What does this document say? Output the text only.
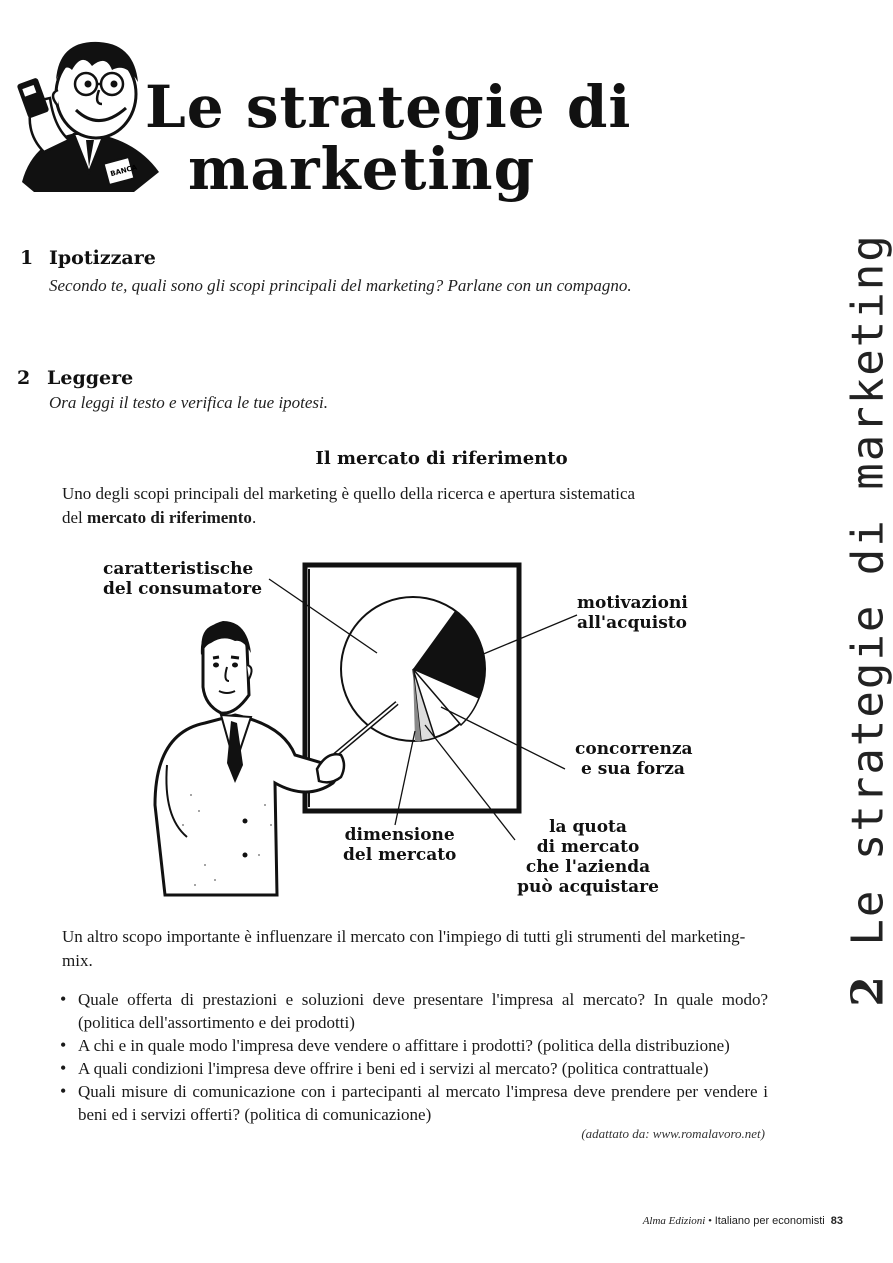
BANCA
Le strategie di
marketing
1 Ipotizzare
Secondo te, quali sono gli scopi principali del marketing? Parlane con un compagno.
2 Leggere
Ora leggi il testo e verifica le tue ipotesi.
Il mercato di riferimento
Uno degli scopi principali del marketing è quello della ricerca e apertura sistematica
del mercato di riferimento.
caratteristische
del consumatore
motivazioni
all'acquisto
concorrenza
e sua forza
dimensione
del mercato
la quota
di mercato
che l'azienda
può acquistare
Un altro scopo importante è influenzare il mercato con l'impiego di tutti gli strumenti del marketing-mix.
• Quale offerta di prestazioni e soluzioni deve presentare l'impresa al mercato? In quale modo? (politica dell'assortimento e dei prodotti)
• A chi e in quale modo l'impresa deve vendere o affittare i prodotti? (politica della distribuzione)
• A quali condizioni l'impresa deve offrire i beni ed i servizi al mercato? (politica contrattuale)
• Quali misure di comunicazione con i partecipanti al mercato l'impresa deve prendere per vendere i beni ed i servizi offerti? (politica di comunicazione)
(adattato da: www.romalavoro.net)
2 Le strategie di marketing
Alma Edizioni • Italiano per economisti 83
